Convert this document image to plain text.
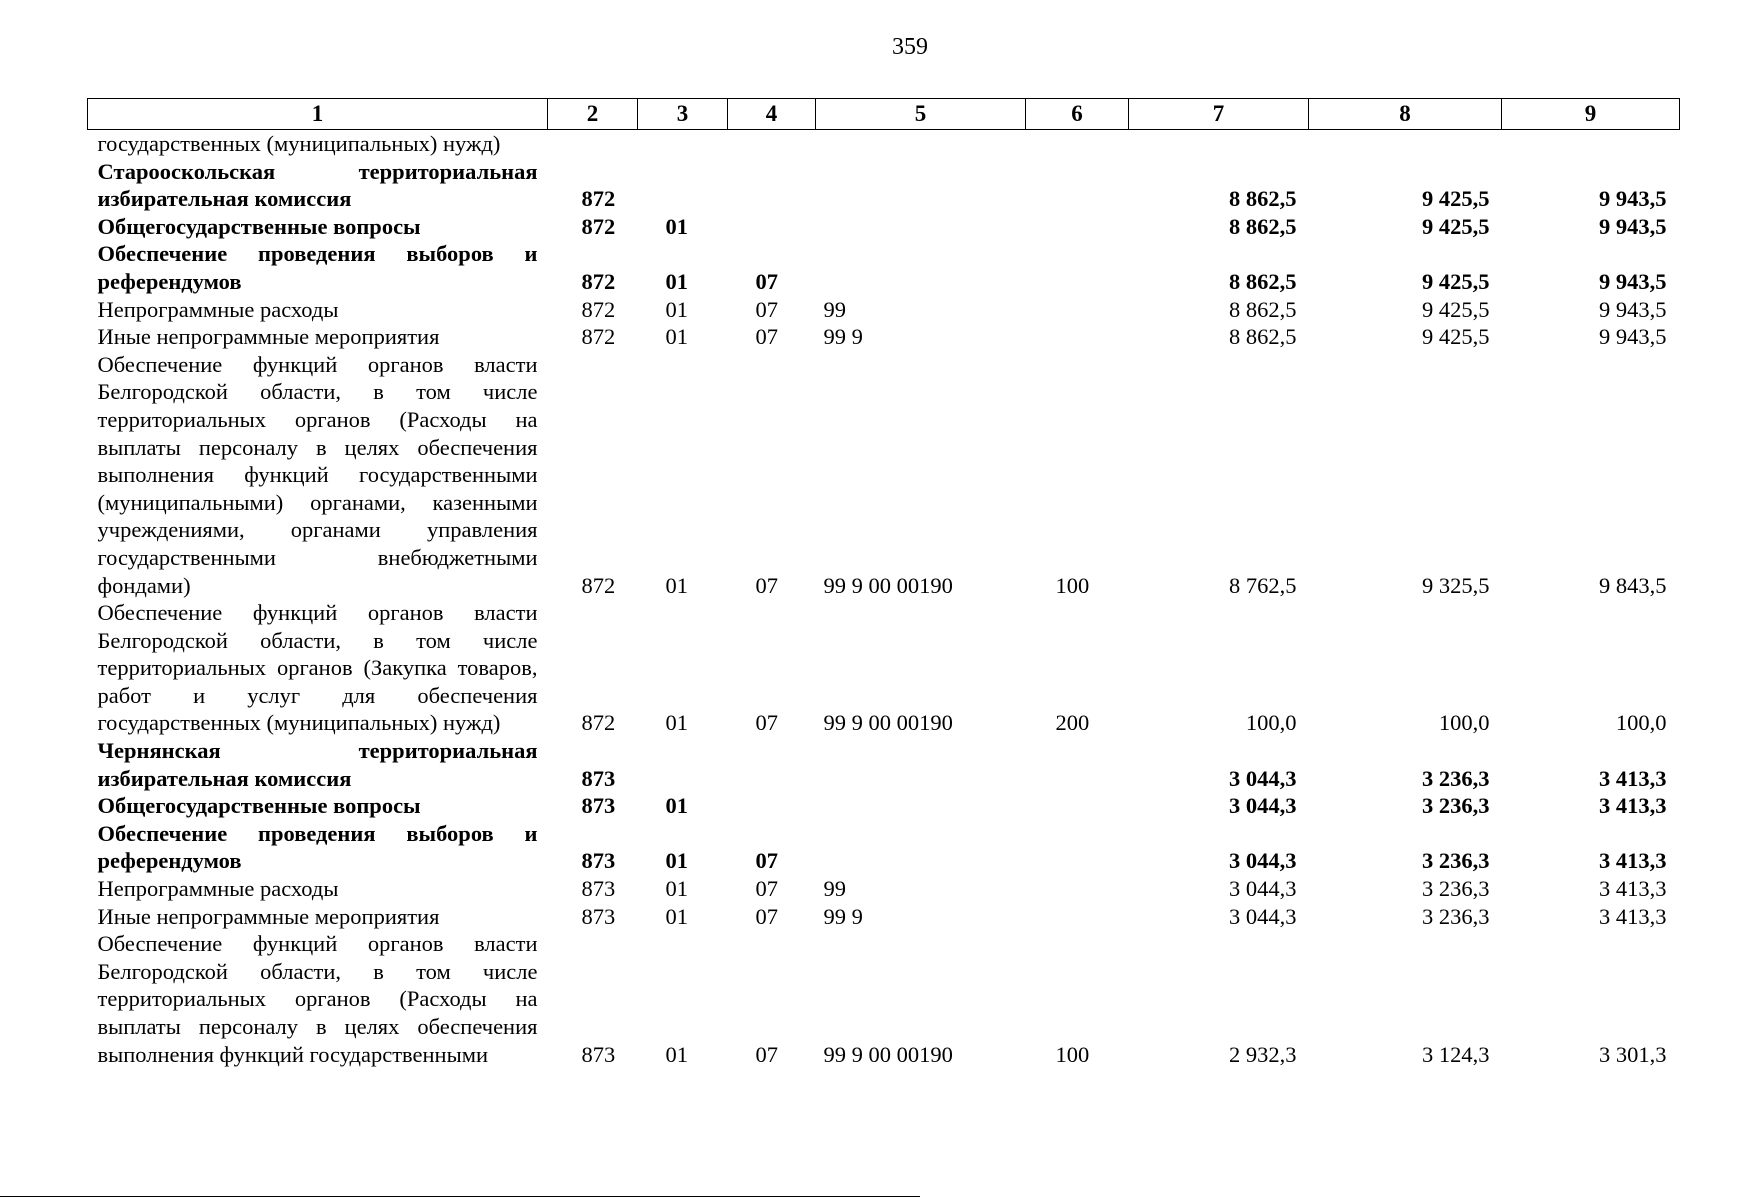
359
1	2	3	4	5	6	7	8	9
государственных (муниципальных) нужд)								
Старооскольская территориальная избирательная комиссия	872					8 862,5	9 425,5	9 943,5
Общегосударственные вопросы	872	01				8 862,5	9 425,5	9 943,5
Обеспечение проведения выборов и референдумов	872	01	07			8 862,5	9 425,5	9 943,5
Непрограммные расходы	872	01	07	99		8 862,5	9 425,5	9 943,5
Иные непрограммные мероприятия	872	01	07	99 9		8 862,5	9 425,5	9 943,5
Обеспечение функций органов власти Белгородской области, в том числе территориальных органов (Расходы на выплаты персоналу в целях обеспечения выполнения функций государственными (муниципальными) органами, казенными учреждениями, органами управления государственными внебюджетными фондами)	872	01	07	99 9 00 00190	100	8 762,5	9 325,5	9 843,5
Обеспечение функций органов власти Белгородской области, в том числе территориальных органов (Закупка товаров, работ и услуг для обеспечения государственных (муниципальных) нужд)	872	01	07	99 9 00 00190	200	100,0	100,0	100,0
Чернянская территориальная избирательная комиссия	873					3 044,3	3 236,3	3 413,3
Общегосударственные вопросы	873	01				3 044,3	3 236,3	3 413,3
Обеспечение проведения выборов и референдумов	873	01	07			3 044,3	3 236,3	3 413,3
Непрограммные расходы	873	01	07	99		3 044,3	3 236,3	3 413,3
Иные непрограммные мероприятия	873	01	07	99 9		3 044,3	3 236,3	3 413,3
Обеспечение функций органов власти Белгородской области, в том числе территориальных органов (Расходы на выплаты персоналу в целях обеспечения выполнения функций государственными	873	01	07	99 9 00 00190	100	2 932,3	3 124,3	3 301,3
